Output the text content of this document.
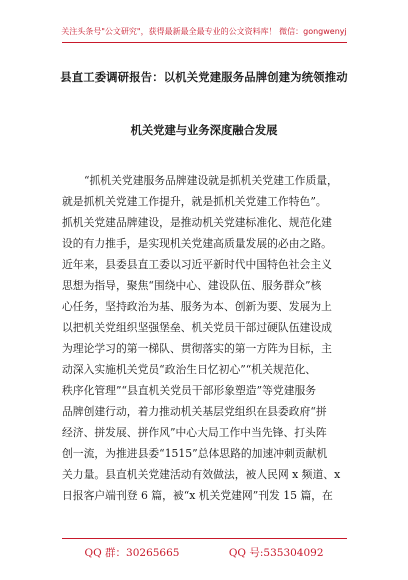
关注头条号"公文研究"，获得最新最全最专业的公文资料库！ 微信：gongwenyj
县直工委调研报告：以机关党建服务品牌创建为统领推动
机关党建与业务深度融合发展
“抓机关党建服务品牌建设就是抓机关党建工作质量，
就是抓机关党建工作提升，就是抓机关党建工作特色”。
抓机关党建品牌建设，是推动机关党建标准化、规范化建
设的有力推手，是实现机关党建高质量发展的必由之路。
近年来，县委县直工委以习近平新时代中国特色社会主义
思想为指导，聚焦“围绕中心、建设队伍、服务群众”核
心任务，坚持政治为基、服务为本、创新为要、发展为上
以把机关党组织坚强堡垒、机关党员干部过硬队伍建设成
为理论学习的第一梯队、贯彻落实的第一方阵为目标，主
动深入实施机关党员“政治生日忆初心”“机关规范化、
秩序化管理”“县直机关党员干部形象塑造”等党建服务
品牌创建行动，着力推动机关基层党组织在县委政府“拼
经济、拼发展、拼作风”中心大局工作中当先锋、打头阵
创一流，为推进县委“1515”总体思路的加速冲刺贡献机
关力量。县直机关党建活动有效做法，被人民网 x 频道、x
日报客户端刊登 6 篇，被“x 机关党建网”刊发 15 篇，在
QQ 群：30265665	QQ 号:535304092
